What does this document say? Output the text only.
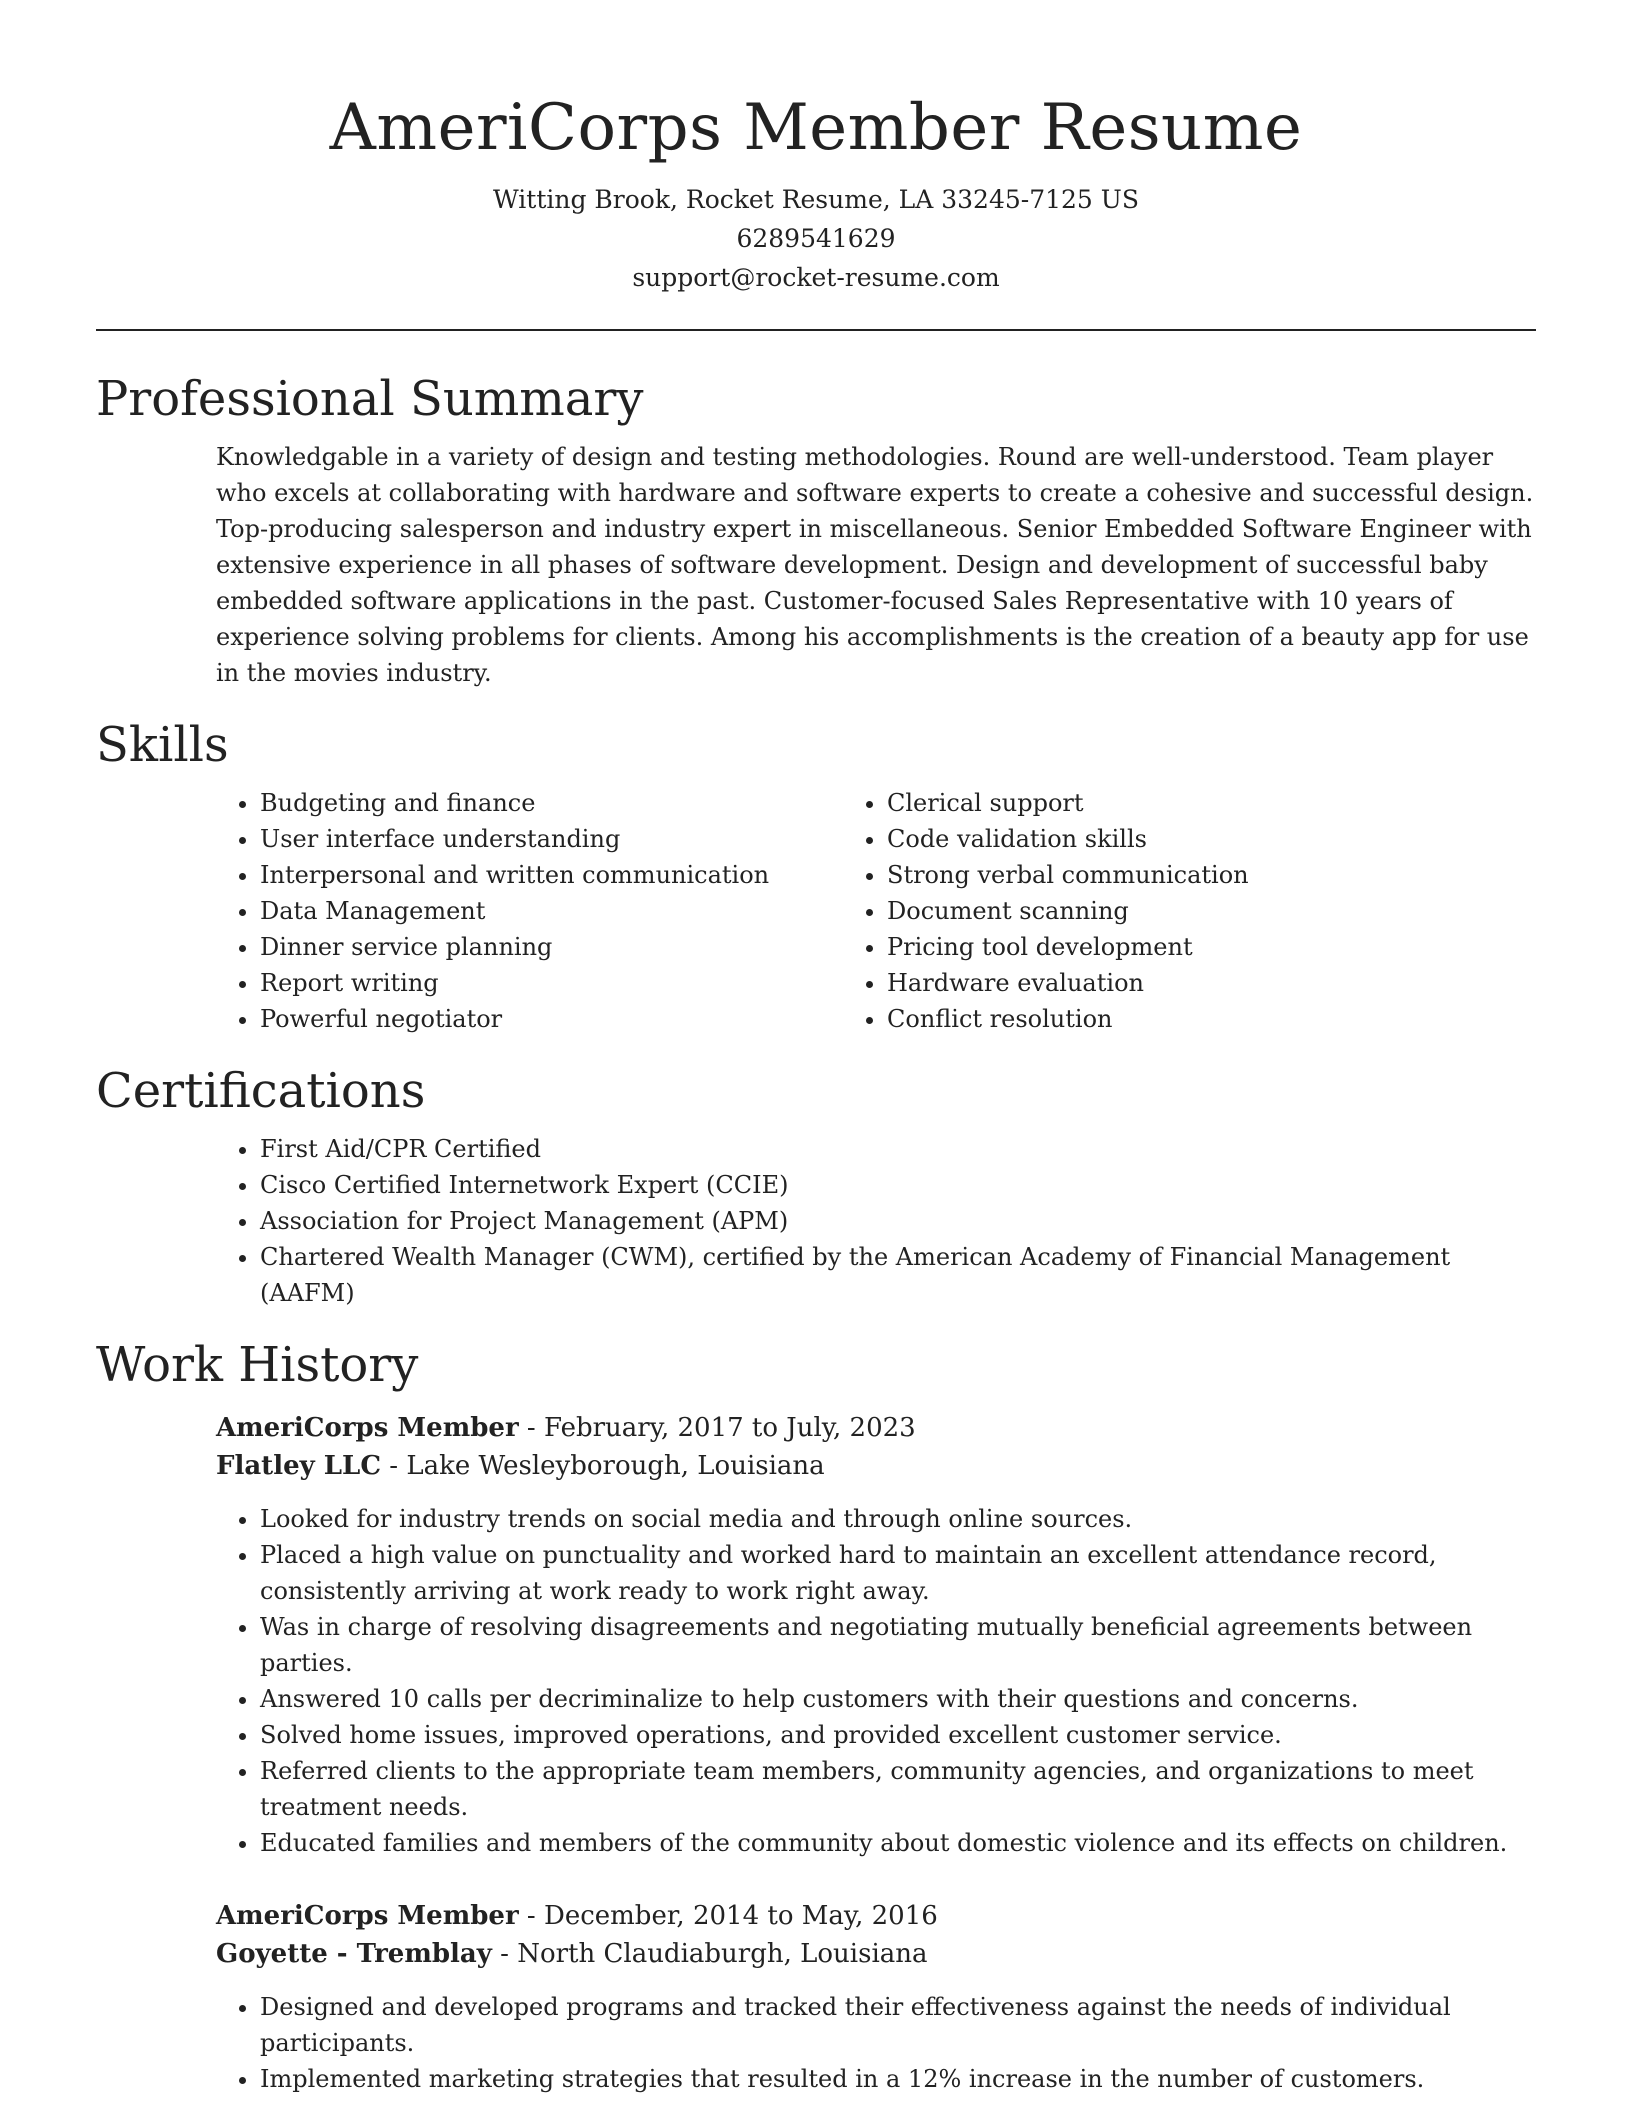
AmeriCorps Member Resume
Witting Brook, Rocket Resume, LA 33245-7125 US
6289541629
support@rocket-resume.com
Professional Summary

Knowledgable in a variety of design and testing methodologies. Round are well-understood. Team player who excels at collaborating with hardware and software experts to create a cohesive and successful design. Top-producing salesperson and industry expert in miscellaneous. Senior Embedded Software Engineer with extensive experience in all phases of software development. Design and development of successful baby embedded software applications in the past. Customer-focused Sales Representative with 10 years of experience solving problems for clients. Among his accomplishments is the creation of a beauty app for use in the movies industry.

Skills
• Budgeting and finance
• User interface understanding
• Interpersonal and written communication
• Data Management
• Dinner service planning
• Report writing
• Powerful negotiator
• Clerical support
• Code validation skills
• Strong verbal communication
• Document scanning
• Pricing tool development
• Hardware evaluation
• Conflict resolution
Certifications
• First Aid/CPR Certified
• Cisco Certified Internetwork Expert (CCIE)
• Association for Project Management (APM)
• Chartered Wealth Manager (CWM), certified by the American Academy of Financial Management (AAFM)
Work History
AmeriCorps Member - February, 2017 to July, 2023
Flatley LLC - Lake Wesleyborough, Louisiana
• Looked for industry trends on social media and through online sources.
• Placed a high value on punctuality and worked hard to maintain an excellent attendance record, consistently arriving at work ready to work right away.
• Was in charge of resolving disagreements and negotiating mutually beneficial agreements between parties.
• Answered 10 calls per decriminalize to help customers with their questions and concerns.
• Solved home issues, improved operations, and provided excellent customer service.
• Referred clients to the appropriate team members, community agencies, and organizations to meet treatment needs.
• Educated families and members of the community about domestic violence and its effects on children.
AmeriCorps Member - December, 2014 to May, 2016
Goyette - Tremblay - North Claudiaburgh, Louisiana
• Designed and developed programs and tracked their effectiveness against the needs of individual participants.
• Implemented marketing strategies that resulted in a 12% increase in the number of customers.
